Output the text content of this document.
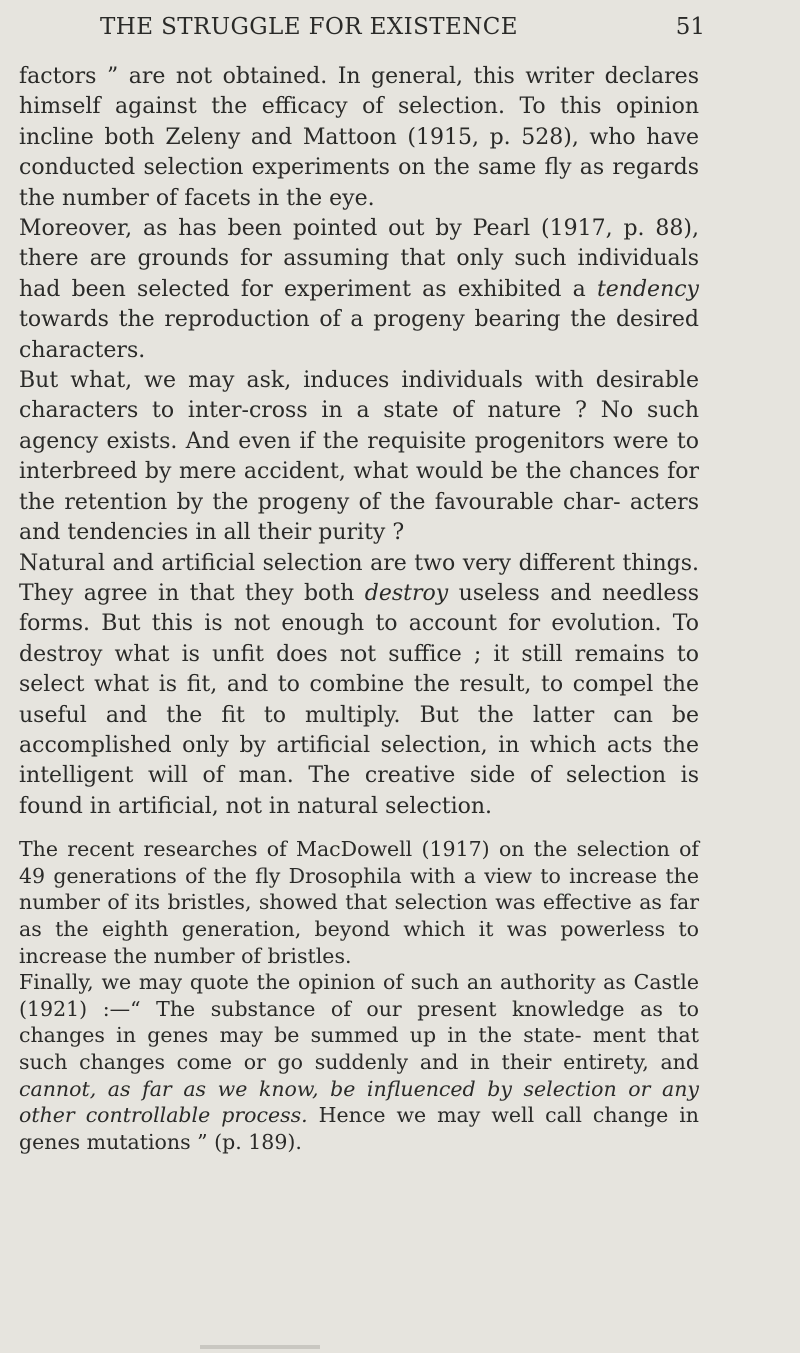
THE STRUGGLE FOR EXISTENCE	51

factors ” are not obtained. In general, this writer declares himself against the efficacy of selection. To this opinion incline both Zeleny and Mattoon (1915, p. 528), who have conducted selection experiments on the same fly as regards the number of facets in the eye.

Moreover, as has been pointed out by Pearl (1917, p. 88), there are grounds for assuming that only such individuals had been selected for experiment as exhibited a tendency towards the reproduction of a progeny bearing the desired characters.

But what, we may ask, induces individuals with desirable characters to inter-cross in a state of nature ? No such agency exists. And even if the requisite progenitors were to interbreed by mere accident, what would be the chances for the retention by the progeny of the favourable char- acters and tendencies in all their purity ?

Natural and artificial selection are two very different things. They agree in that they both destroy useless and needless forms. But this is not enough to account for evolution. To destroy what is unfit does not suffice ; it still remains to select what is fit, and to combine the result, to compel the useful and the fit to multiply. But the latter can be accomplished only by artificial selection, in which acts the intelligent will of man. The creative side of selection is found in artificial, not in natural selection.

The recent researches of MacDowell (1917) on the selection of 49 generations of the fly Drosophila with a view to increase the number of its bristles, showed that selection was effective as far as the eighth generation, beyond which it was powerless to increase the number of bristles.

Finally, we may quote the opinion of such an authority as Castle (1921) :—“ The substance of our present knowledge as to changes in genes may be summed up in the state- ment that such changes come or go suddenly and in their entirety, and cannot, as far as we know, be influenced by selection or any other controllable process. Hence we may well call change in genes mutations ” (p. 189).
